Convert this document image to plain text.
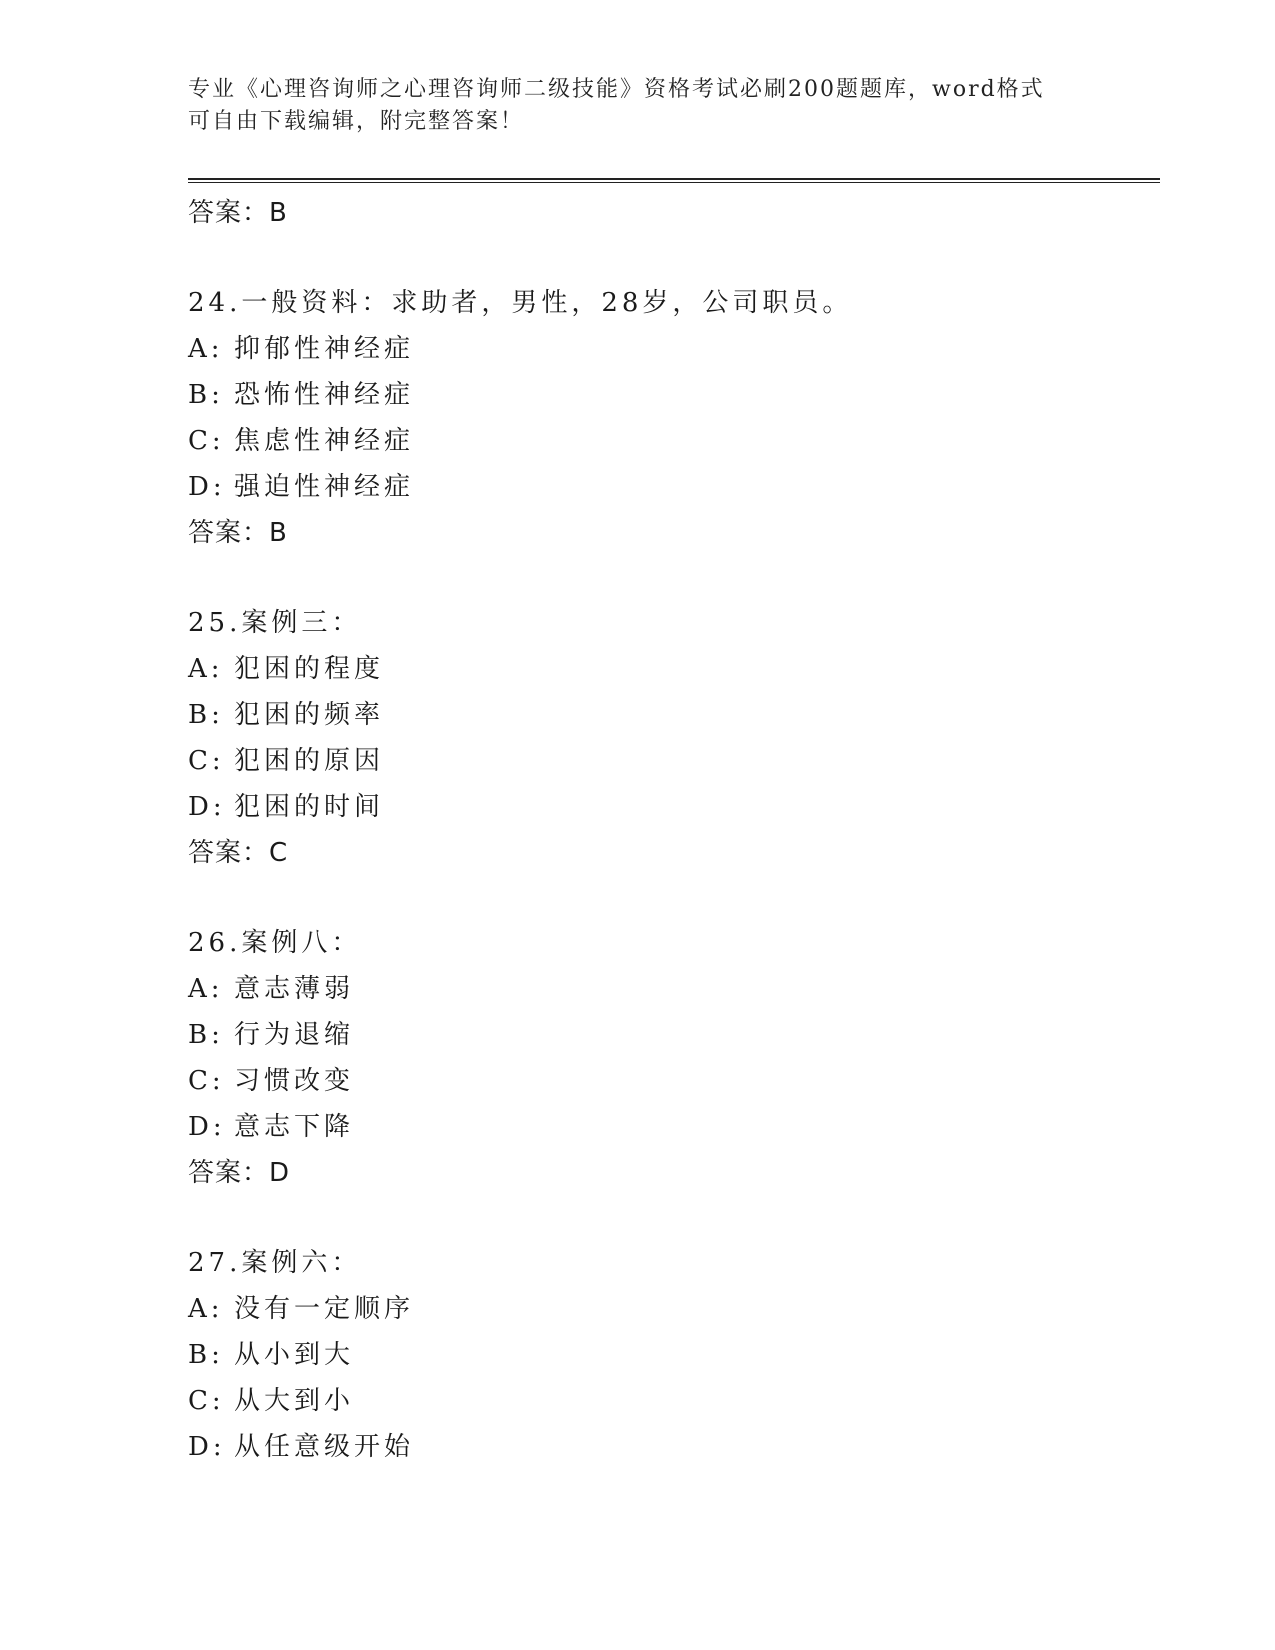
专业《心理咨询师之心理咨询师二级技能》资格考试必刷200题题库，word格式
可自由下载编辑，附完整答案！
答案：B
24.一般资料：求助者，男性，28岁，公司职员。
A: 抑郁性神经症
B: 恐怖性神经症
C: 焦虑性神经症
D: 强迫性神经症
答案：B
25.案例三：
A: 犯困的程度
B: 犯困的频率
C: 犯困的原因
D: 犯困的时间
答案：C
26.案例八：
A: 意志薄弱
B: 行为退缩
C: 习惯改变
D: 意志下降
答案：D
27.案例六：
A: 没有一定顺序
B: 从小到大
C: 从大到小
D: 从任意级开始
